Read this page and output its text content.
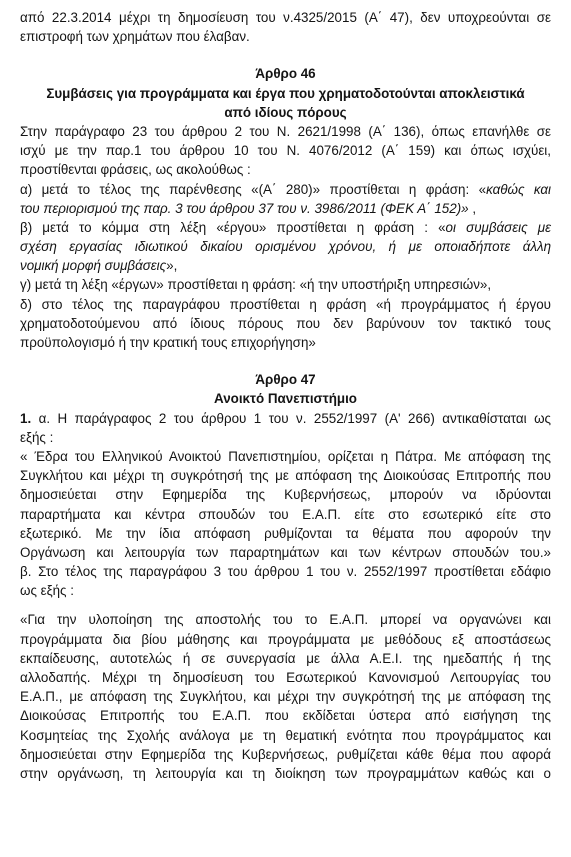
από 22.3.2014 μέχρι τη δημοσίευση του ν.4325/2015 (Α΄ 47), δεν υποχρεούνται σε
επιστροφή των χρημάτων που έλαβαν.
Άρθρο 46
Συμβάσεις για προγράμματα και έργα που χρηματοδοτούνται αποκλειστικά
από ιδίους πόρους
Στην παράγραφο 23 του άρθρου 2 του Ν. 2621/1998 (Α΄ 136), όπως επανήλθε σε
ισχύ με την παρ.1 του άρθρου 10 του Ν. 4076/2012 (Α΄ 159) και όπως ισχύει,
προστίθενται φράσεις, ως ακολούθως :
α) μετά το τέλος της παρένθεσης «(Α΄ 280)» προστίθεται η φράση: «καθώς και
του περιορισμού της παρ. 3 του άρθρου 37 του ν. 3986/2011 (ΦΕΚ Α΄ 152)» ,
β) μετά το κόμμα στη λέξη «έργου» προστίθεται η φράση : «οι συμβάσεις με
σχέση εργασίας ιδιωτικού δικαίου ορισμένου χρόνου, ή με οποιαδήποτε άλλη
νομική μορφή συμβάσεις»,
γ) μετά τη λέξη «έργων» προστίθεται η φράση: «ή την υποστήριξη υπηρεσιών»,
δ) στο τέλος της παραγράφου προστίθεται η φράση «ή προγράμματος ή έργου
χρηματοδοτούμενου από ίδιους πόρους που δεν βαρύνουν τον τακτικό τους
προϋπολογισμό ή την κρατική τους επιχορήγηση»
Άρθρο 47
Ανοικτό Πανεπιστήμιο
1. α. Η παράγραφος 2 του άρθρου 1 του ν. 2552/1997 (Α' 266) αντικαθίσταται ως
εξής :
« Έδρα του Ελληνικού Ανοικτού Πανεπιστημίου, ορίζεται η Πάτρα. Με απόφαση της
Συγκλήτου και μέχρι τη συγκρότησή της με απόφαση της Διοικούσας Επιτροπής που
δημοσιεύεται στην Εφημερίδα της Κυβερνήσεως, μπορούν να ιδρύονται
παραρτήματα και κέντρα σπουδών του Ε.Α.Π. είτε στο εσωτερικό είτε στο
εξωτερικό. Με την ίδια απόφαση ρυθμίζονται τα θέματα που αφορούν την
Οργάνωση και λειτουργία των παραρτημάτων και των κέντρων σπουδών του.»
β. Στο τέλος της παραγράφου 3 του άρθρου 1 του ν. 2552/1997 προστίθεται εδάφιο
ως εξής :
«Για την υλοποίηση της αποστολής του το Ε.Α.Π. μπορεί να οργανώνει και
προγράμματα δια βίου μάθησης και προγράμματα με μεθόδους εξ αποστάσεως
εκπαίδευσης, αυτοτελώς ή σε συνεργασία με άλλα Α.Ε.Ι. της ημεδαπής ή της
αλλοδαπής. Μέχρι τη δημοσίευση του Εσωτερικού Κανονισμού Λειτουργίας του
Ε.Α.Π., με απόφαση της Συγκλήτου, και μέχρι την συγκρότησή της με απόφαση της
Διοικούσας Επιτροπής του Ε.Α.Π. που εκδίδεται ύστερα από εισήγηση της
Κοσμητείας της Σχολής ανάλογα με τη θεματική ενότητα που προγράμματος και
δημοσιεύεται στην Εφημερίδα της Κυβερνήσεως, ρυθμίζεται κάθε θέμα που αφορά
στην οργάνωση, τη λειτουργία και τη διοίκηση των προγραμμάτων καθώς και ο
